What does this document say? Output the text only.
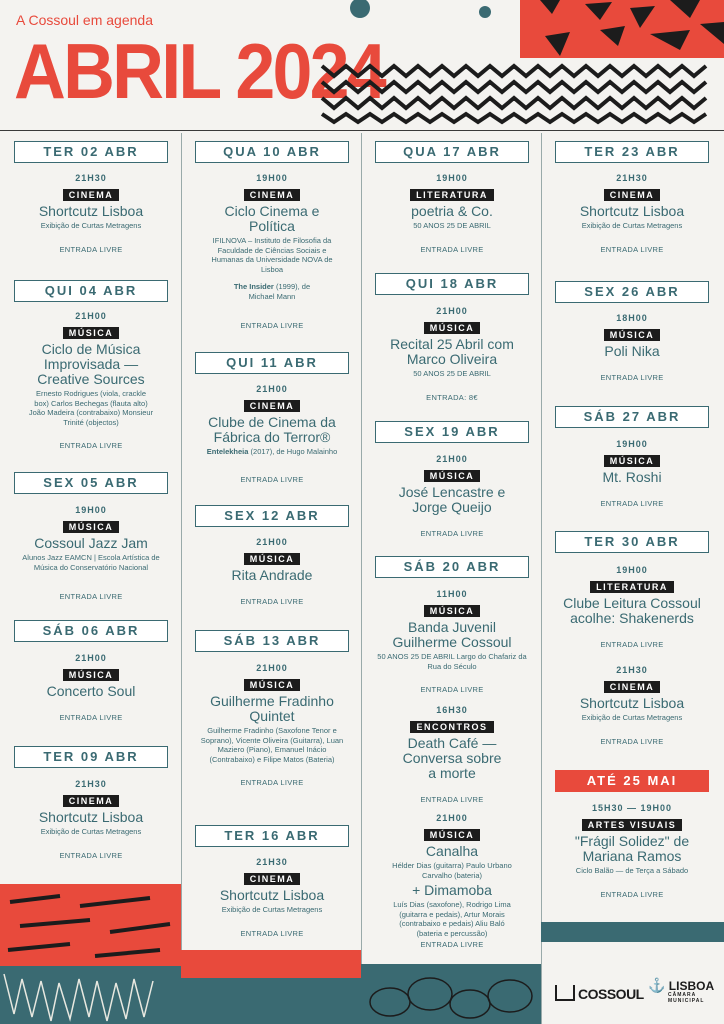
A Cossoul em agenda
ABRIL 2024
TER 02 ABR
21H30
CINEMA
Shortcutz Lisboa
Exibição de Curtas Metragens
ENTRADA LIVRE
QUI 04 ABR
21H00
MÚSICA
Ciclo de Música Improvisada — Creative Sources
Ernesto Rodrigues (viola, crackle box) Carlos Bechegas (flauta alto) João Madeira (contrabaixo) Monsieur Trinité (objectos)
ENTRADA LIVRE
SEX 05 ABR
19H00
MÚSICA
Cossoul Jazz Jam
Alunos Jazz EAMCN | Escola Artística de Música do Conservatório Nacional
ENTRADA LIVRE
SÁB 06 ABR
21H00
MÚSICA
Concerto Soul
ENTRADA LIVRE
TER 09 ABR
21H30
CINEMA
Shortcutz Lisboa
Exibição de Curtas Metragens
ENTRADA LIVRE
QUA 10 ABR
19H00
CINEMA
Ciclo Cinema e Política
IFILNOVA – Instituto de Filosofia da Faculdade de Ciências Sociais e Humanas da Universidade NOVA de Lisboa
The Insider (1999), de Michael Mann
ENTRADA LIVRE
QUI 11 ABR
21H00
CINEMA
Clube de Cinema da Fábrica do Terror®
Entelekheia (2017), de Hugo Malainho
ENTRADA LIVRE
SEX 12 ABR
21H00
MÚSICA
Rita Andrade
ENTRADA LIVRE
SÁB 13 ABR
21H00
MÚSICA
Guilherme Fradinho Quintet
Guilherme Fradinho (Saxofone Tenor e Soprano), Vicente Oliveira (Guitarra), Luan Maziero (Piano), Emanuel Inácio (Contrabaixo) e Filipe Matos (Bateria)
ENTRADA LIVRE
TER 16 ABR
21H30
CINEMA
Shortcutz Lisboa
Exibição de Curtas Metragens
ENTRADA LIVRE
QUA 17 ABR
19H00
LITERATURA
poetria & Co.
50 ANOS 25 DE ABRIL
ENTRADA LIVRE
QUI 18 ABR
21H00
MÚSICA
Recital 25 Abril com Marco Oliveira
50 ANOS 25 DE ABRIL
ENTRADA: 8€
SEX 19 ABR
21H00
MÚSICA
José Lencastre e Jorge Queijo
ENTRADA LIVRE
SÁB 20 ABR
11H00
MÚSICA
Banda Juvenil Guilherme Cossoul
50 ANOS 25 DE ABRIL Largo do Chafariz da Rua do Século
ENTRADA LIVRE
16H30
ENCONTROS
Death Café — Conversa sobre a morte
ENTRADA LIVRE
21H00
MÚSICA
Canalha
Hélder Dias (guitarra) Paulo Urbano Carvalho (bateria)
+ Dimamoba
Luís Dias (saxofone), Rodrigo Lima (guitarra e pedais), Artur Morais (contrabaixo e pedais) Aliu Baló (bateria e percussão)
ENTRADA LIVRE
TER 23 ABR
21H30
CINEMA
Shortcutz Lisboa
Exibição de Curtas Metragens
ENTRADA LIVRE
SEX 26 ABR
18H00
MÚSICA
Poli Nika
ENTRADA LIVRE
SÁB 27 ABR
19H00
MÚSICA
Mt. Roshi
ENTRADA LIVRE
TER 30 ABR
19H00
LITERATURA
Clube Leitura Cossoul acolhe: Shakenerds
ENTRADA LIVRE
21H30
CINEMA
Shortcutz Lisboa
Exibição de Curtas Metragens
ENTRADA LIVRE
ATÉ 25 MAI
15H30 — 19H00
ARTES VISUAIS
"Frágil Solidez" de Mariana Ramos
Ciclo Balão — de Terça a Sábado
ENTRADA LIVRE
COSSOUL
⚓ LISBOA
CÂMARA MUNICIPAL
